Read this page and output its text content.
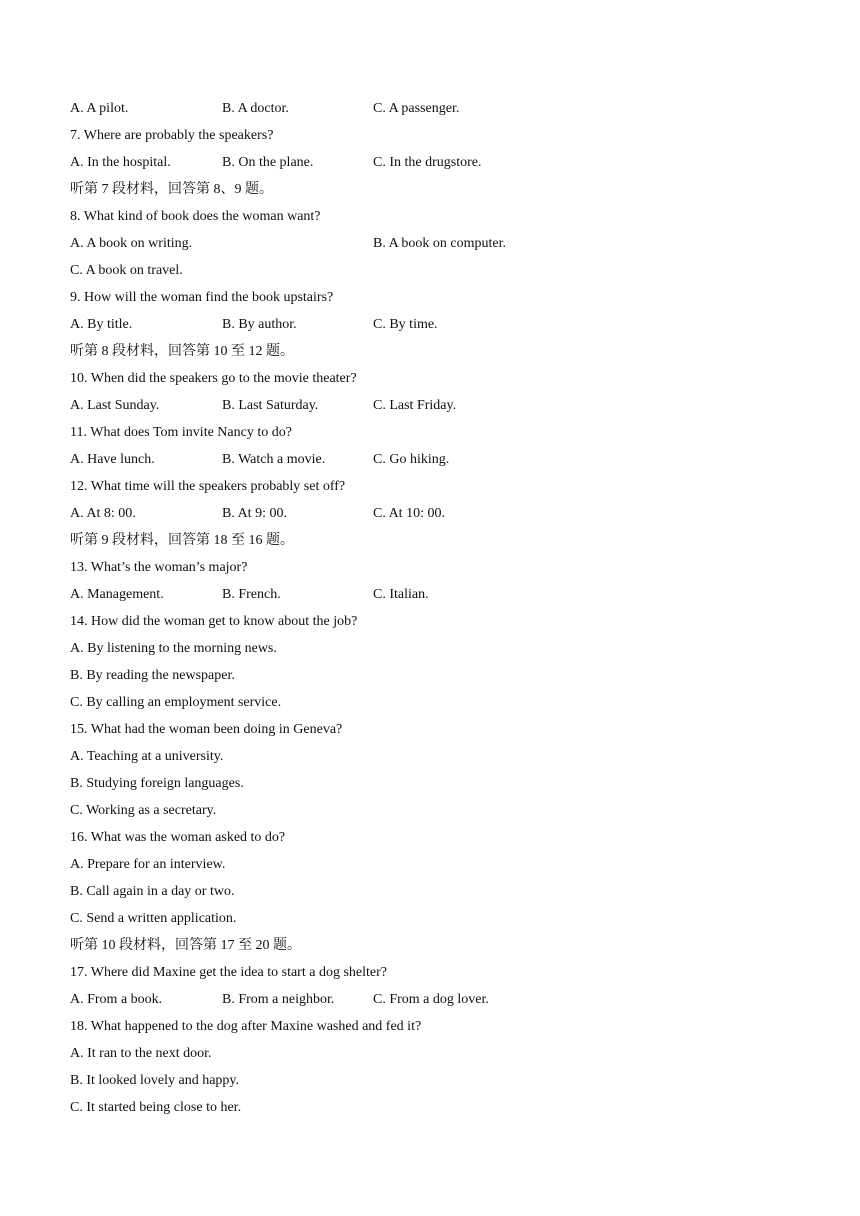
A. A pilot.	B. A doctor.	C. A passenger.
7. Where are probably the speakers?
A. In the hospital.	B. On the plane.	C. In the drugstore.
听第 7 段材料，回答第 8、9 题。
8. What kind of book does the woman want?
A. A book on writing.	B. A book on computer.
C. A book on travel.
9. How will the woman find the book upstairs?
A. By title.	B. By author.	C. By time.
听第 8 段材料，回答第 10 至 12 题。
10. When did the speakers go to the movie theater?
A. Last Sunday.	B. Last Saturday.	C. Last Friday.
11. What does Tom invite Nancy to do?
A. Have lunch.	B. Watch a movie.	C. Go hiking.
12. What time will the speakers probably set off?
A. At 8: 00.	B. At 9: 00.	C. At 10: 00.
听第 9 段材料，回答第 18 至 16 题。
13. What’s the woman’s major?
A. Management.	B. French.	C. Italian.
14. How did the woman get to know about the job?
A. By listening to the morning news.
B. By reading the newspaper.
C. By calling an employment service.
15. What had the woman been doing in Geneva?
A. Teaching at a university.
B. Studying foreign languages.
C. Working as a secretary.
16. What was the woman asked to do?
A. Prepare for an interview.
B. Call again in a day or two.
C. Send a written application.
听第 10 段材料，回答第 17 至 20 题。
17. Where did Maxine get the idea to start a dog shelter?
A. From a book.	B. From a neighbor.	C. From a dog lover.
18. What happened to the dog after Maxine washed and fed it?
A. It ran to the next door.
B. It looked lovely and happy.
C. It started being close to her.
